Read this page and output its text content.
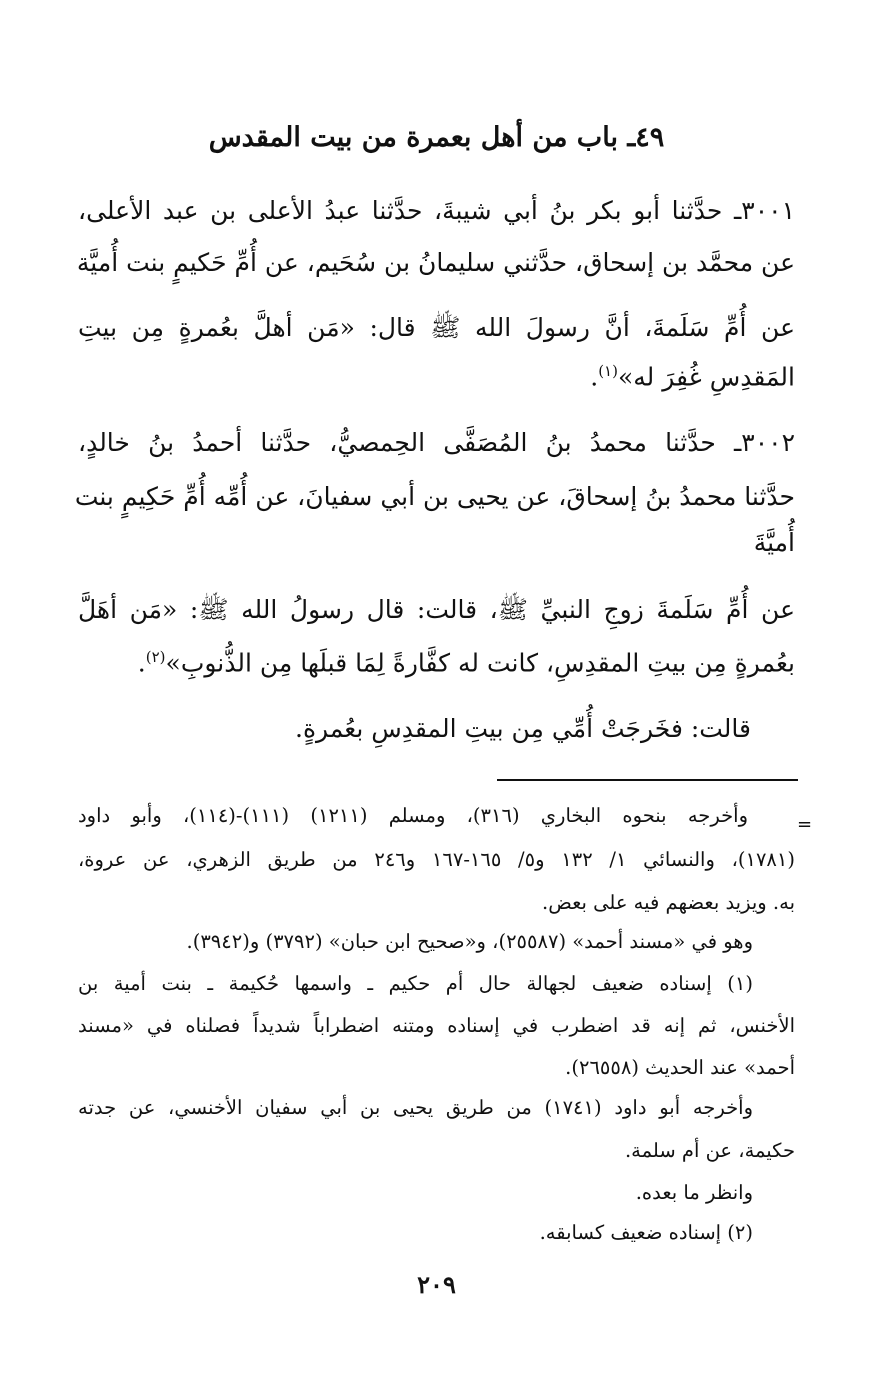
٤٩ـ باب من أهل بعمرة من بيت المقدس
٣٠٠١ـ حدَّثنا أبو بكر بنُ أبي شيبةَ، حدَّثنا عبدُ الأعلى بن عبد الأعلى،
عن محمَّد بن إسحاق، حدَّثني سليمانُ بن سُحَيم، عن أُمِّ حَكيمٍ بنت أُميَّة
عن أُمِّ سَلَمةَ، أنَّ رسولَ الله ﷺ قال: «مَن أهلَّ بعُمرةٍ مِن بيتِ
المَقدِسِ غُفِرَ له»$^{(١)}$.
٣٠٠٢ـ حدَّثنا محمدُ بنُ المُصَفَّى الحِمصيُّ، حدَّثنا أحمدُ بنُ خالدٍ،
حدَّثنا محمدُ بنُ إسحاقَ، عن يحيى بن أبي سفيانَ، عن أُمِّه أُمِّ حَكِيمٍ بنت
أُميَّةَ
عن أُمِّ سَلَمةَ زوجِ النبيِّ ﷺ، قالت: قال رسولُ الله ﷺ: «مَن أهَلَّ
بعُمرةٍ مِن بيتِ المقدِسِ، كانت له كفَّارةً لِمَا قبلَها مِن الذُّنوبِ»$^{(٢)}$.
قالت: فخَرجَتْ أُمِّي مِن بيتِ المقدِسِ بعُمرةٍ.
=
وأخرجه بنحوه البخاري (٣١٦)، ومسلم (١٢١١) (١١١)-(١١٤)، وأبو داود
(١٧٨١)، والنسائي ١/ ١٣٢ و٥/ ١٦٥-١٦٧ و٢٤٦ من طريق الزهري، عن عروة،
به. ويزيد بعضهم فيه على بعض.
وهو في «مسند أحمد» (٢٥٥٨٧)، و«صحيح ابن حبان» (٣٧٩٢) و(٣٩٤٢).
(١) إسناده ضعيف لجهالة حال أم حكيم ـ واسمها حُكيمة ـ بنت أمية بن
الأخنس، ثم إنه قد اضطرب في إسناده ومتنه اضطراباً شديداً فصلناه في «مسند
أحمد» عند الحديث (٢٦٥٥٨).
وأخرجه أبو داود (١٧٤١) من طريق يحيى بن أبي سفيان الأخنسي، عن جدته
حكيمة، عن أم سلمة.
وانظر ما بعده.
(٢) إسناده ضعيف كسابقه.
٢٠٩
